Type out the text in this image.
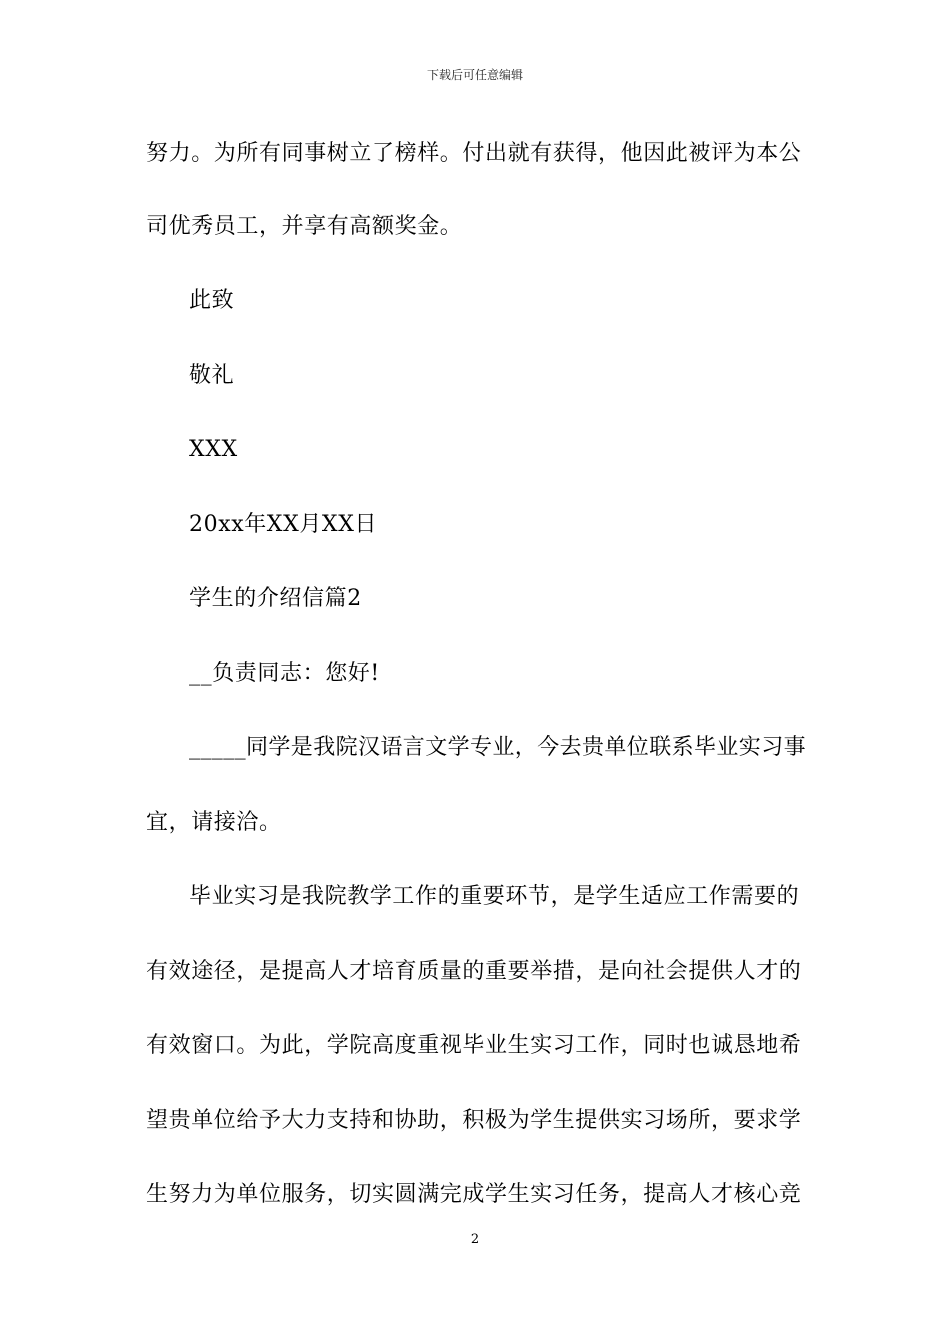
下载后可任意编辑
努力。为所有同事树立了榜样。付出就有获得，他因此被评为本公
司优秀员工，并享有高额奖金。
此致
敬礼
XXX
20xx年XX月XX日
学生的介绍信篇2
__负责同志：您好!
_____同学是我院汉语言文学专业，今去贵单位联系毕业实习事
宜，请接洽。
毕业实习是我院教学工作的重要环节，是学生适应工作需要的
有效途径，是提高人才培育质量的重要举措，是向社会提供人才的
有效窗口。为此，学院高度重视毕业生实习工作，同时也诚恳地希
望贵单位给予大力支持和协助，积极为学生提供实习场所，要求学
生努力为单位服务，切实圆满完成学生实习任务，提高人才核心竞
2
